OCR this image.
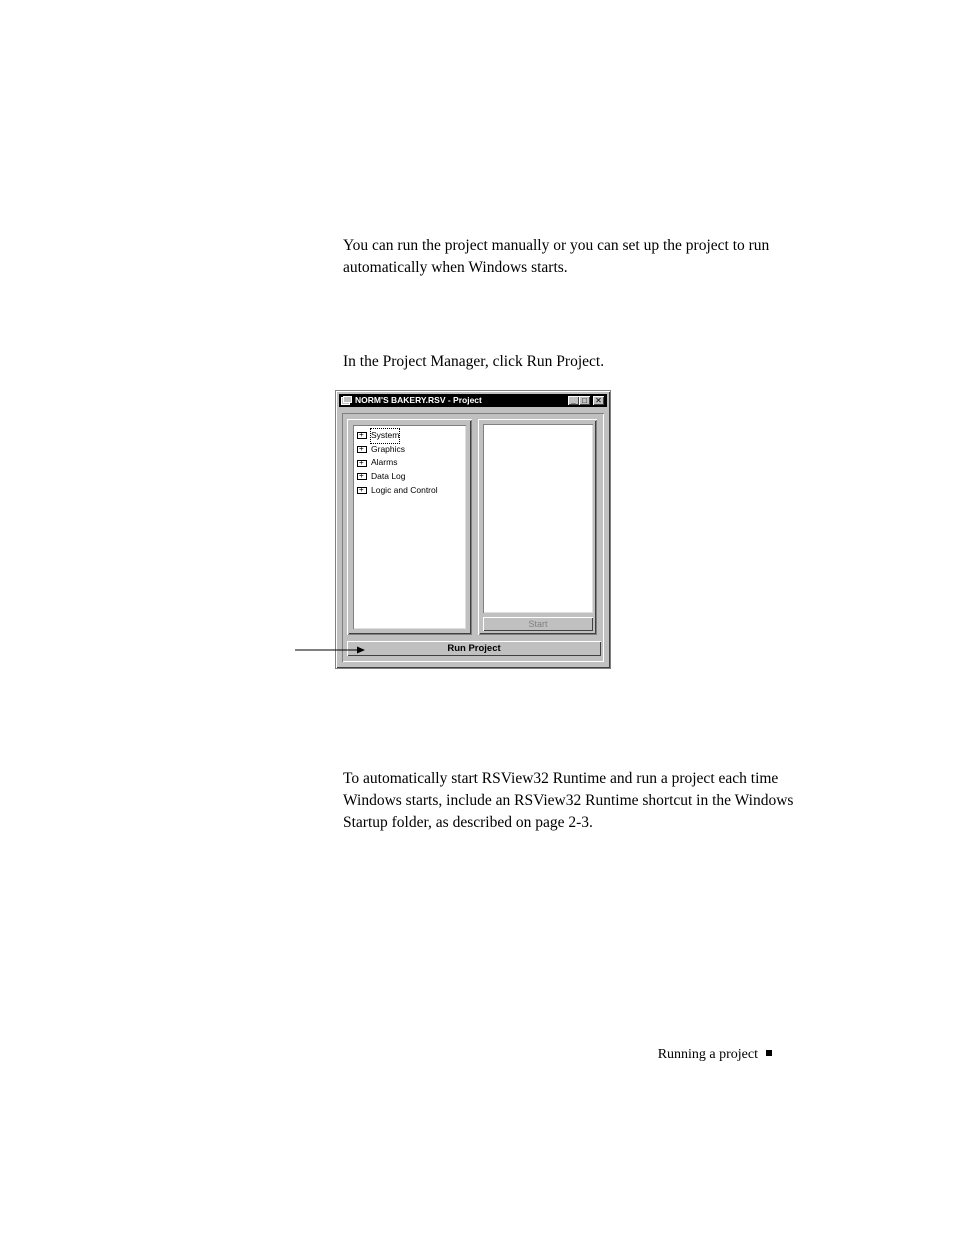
You can run the project manually or you can set up the project to run automatically when Windows starts.

In the Project Manager, click Run Project.

NORM'S BAKERY.RSV - Project	_ □	✕
+
System
+
Graphics
+
Alarms
+
Data Log
+
Logic and Control
Start
Run Project

To automatically start RSView32 Runtime and run a project each time Windows starts, include an RSView32 Runtime shortcut in the Windows Startup folder, as described on page 2-3.

Running a project
